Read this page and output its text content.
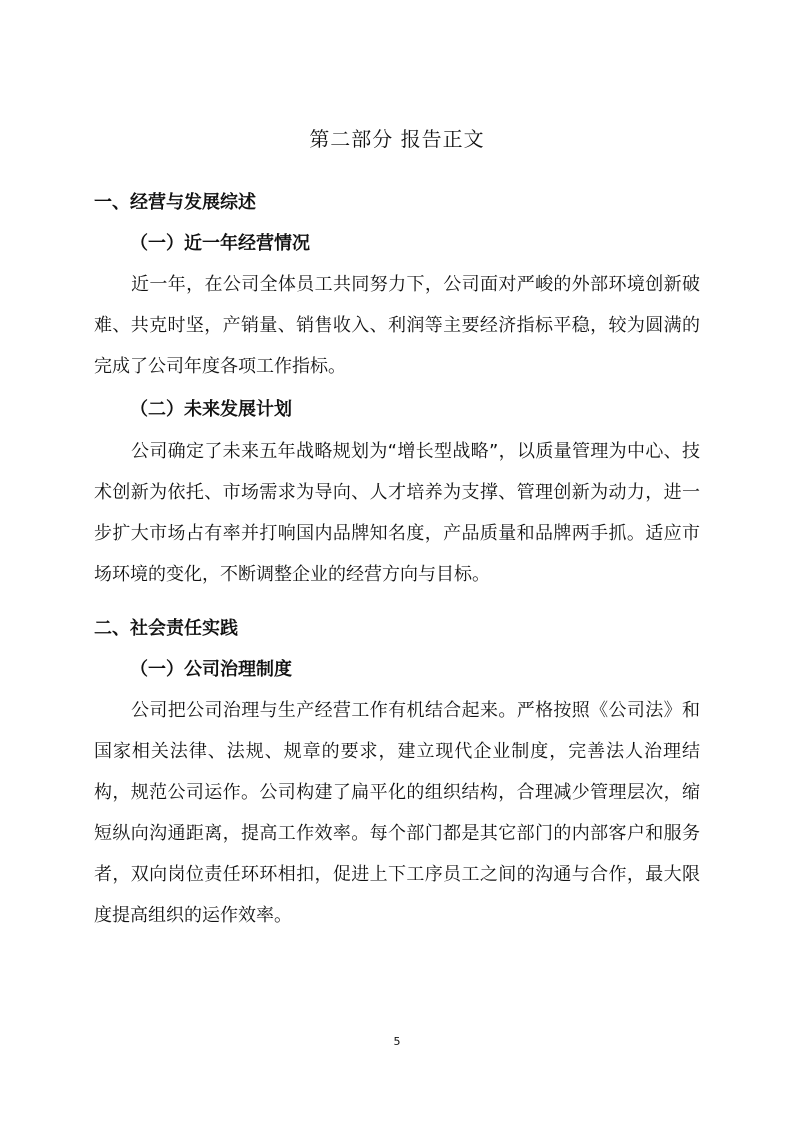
第二部分 报告正文
一、经营与发展综述
（一）近一年经营情况

近一年，在公司全体员工共同努力下，公司面对严峻的外部环境创新破难、共克时坚，产销量、销售收入、利润等主要经济指标平稳，较为圆满的完成了公司年度各项工作指标。

（二）未来发展计划

公司确定了未来五年战略规划为“增长型战略”，以质量管理为中心、技术创新为依托、市场需求为导向、人才培养为支撑、管理创新为动力，进一步扩大市场占有率并打响国内品牌知名度，产品质量和品牌两手抓。适应市场环境的变化，不断调整企业的经营方向与目标。

二、社会责任实践
（一）公司治理制度

公司把公司治理与生产经营工作有机结合起来。严格按照《公司法》和国家相关法律、法规、规章的要求，建立现代企业制度，完善法人治理结构，规范公司运作。公司构建了扁平化的组织结构，合理减少管理层次，缩短纵向沟通距离，提高工作效率。每个部门都是其它部门的内部客户和服务者，双向岗位责任环环相扣，促进上下工序员工之间的沟通与合作，最大限度提高组织的运作效率。

5
